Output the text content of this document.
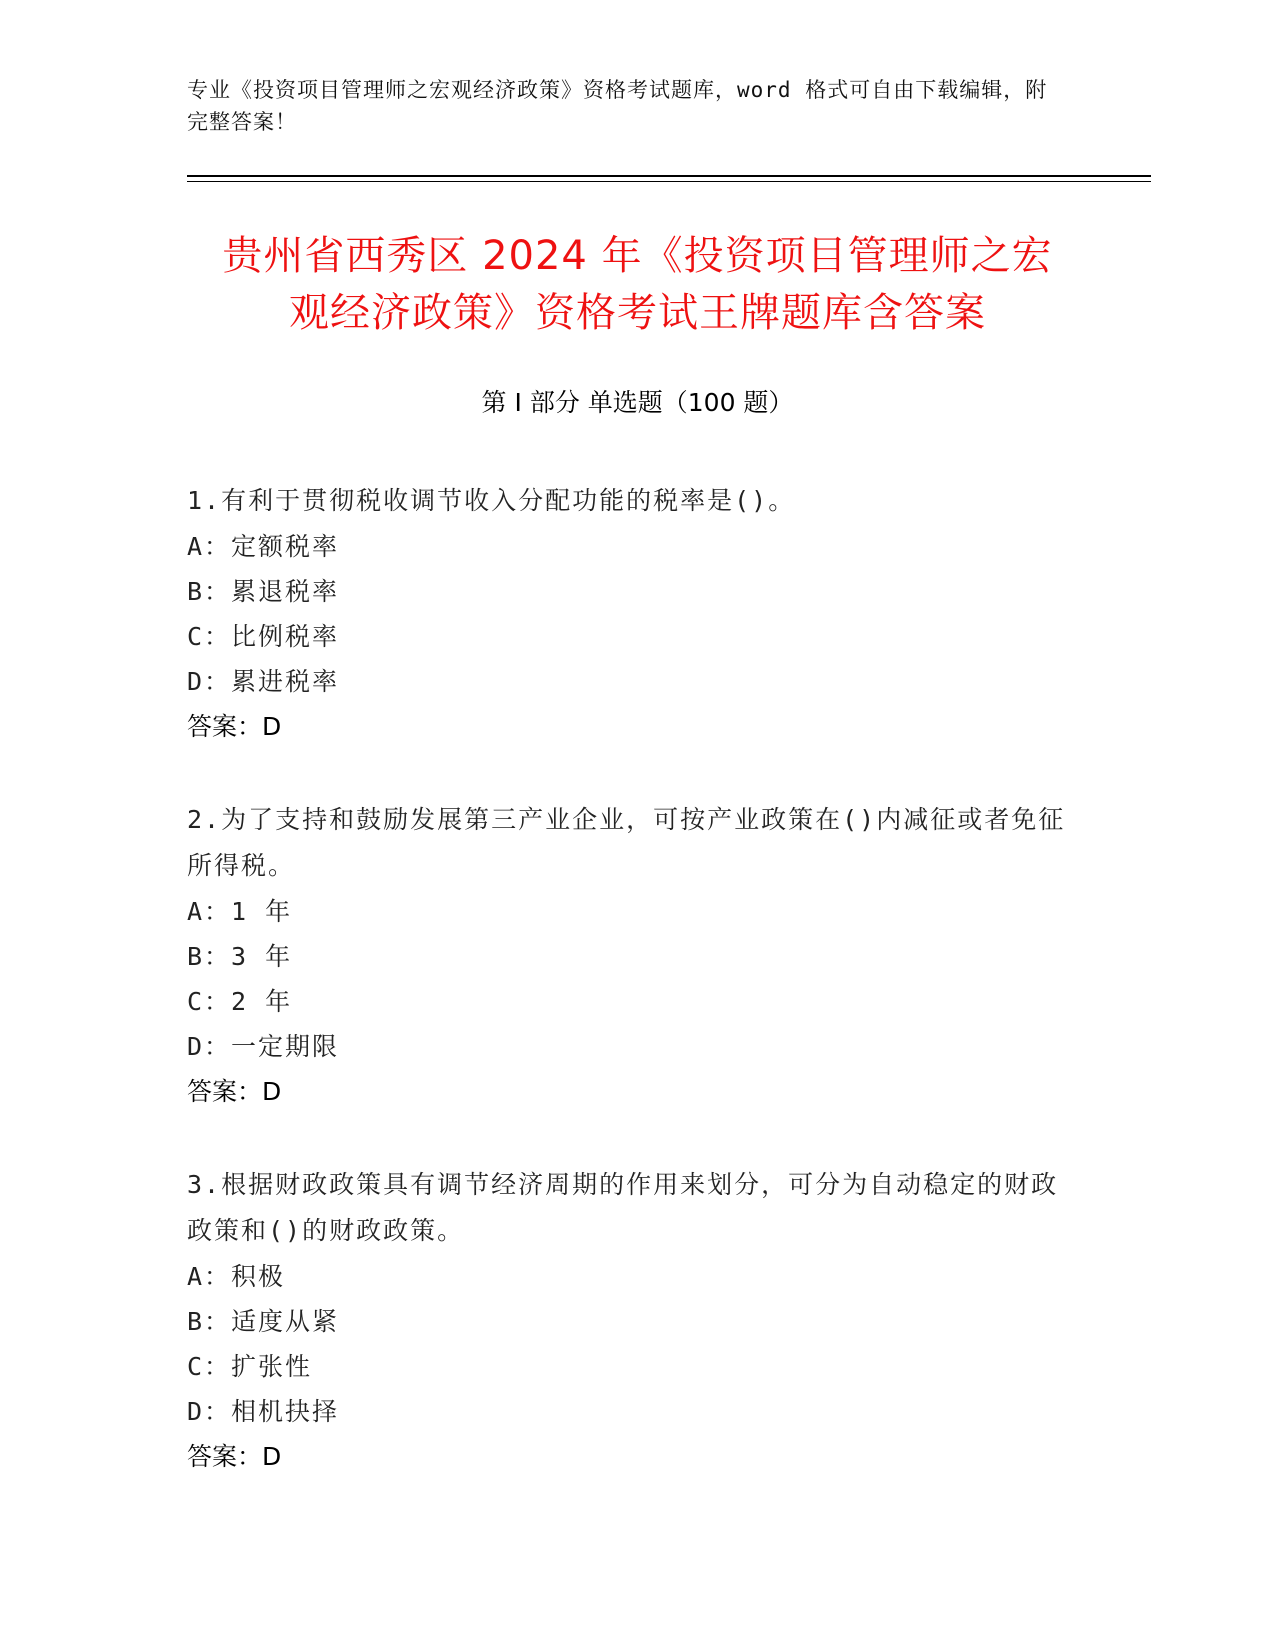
专业《投资项目管理师之宏观经济政策》资格考试题库，word 格式可自由下载编辑，附完整答案！
贵州省西秀区 2024 年《投资项目管理师之宏
观经济政策》资格考试王牌题库含答案
第 I 部分 单选题（100 题）
1.有利于贯彻税收调节收入分配功能的税率是()。
A：定额税率
B：累退税率
C：比例税率
D：累进税率
答案：D
2.为了支持和鼓励发展第三产业企业，可按产业政策在()内减征或者免征所得税。
A：1 年
B：3 年
C：2 年
D：一定期限
答案：D
3.根据财政政策具有调节经济周期的作用来划分，可分为自动稳定的财政政策和()的财政政策。
A：积极
B：适度从紧
C：扩张性
D：相机抉择
答案：D
